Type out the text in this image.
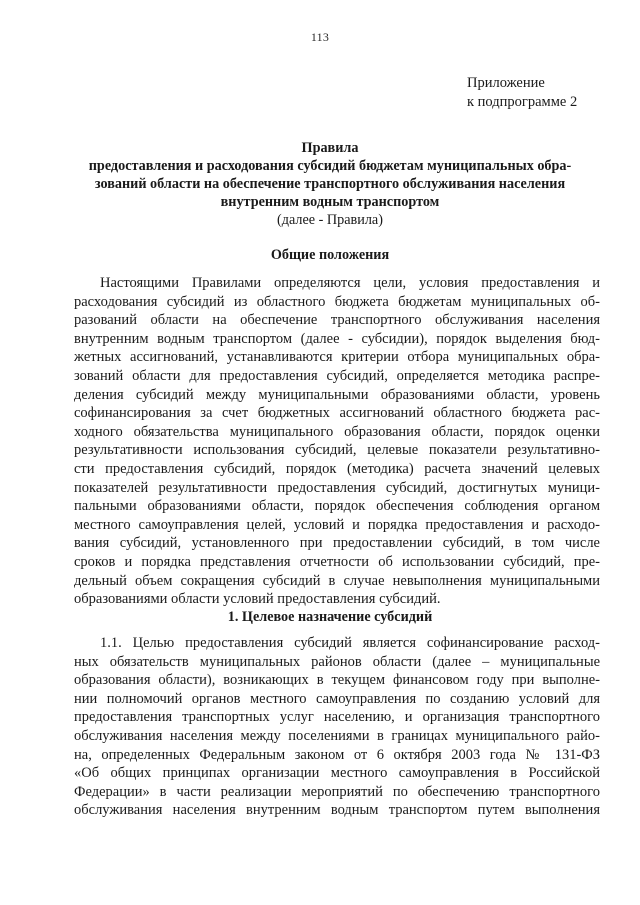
113
Приложение
к подпрограмме 2
Правила
предоставления и расходования субсидий бюджетам муниципальных обра-
зований области на обеспечение транспортного обслуживания населения
внутренним водным транспортом
(далее - Правила)
Общие положения
Настоящими Правилами определяются цели, условия предоставления и
расходования субсидий из областного бюджета бюджетам муниципальных об-
разований области на обеспечение транспортного обслуживания населения
внутренним водным транспортом (далее - субсидии), порядок выделения бюд-
жетных ассигнований, устанавливаются критерии отбора муниципальных обра-
зований области для предоставления субсидий, определяется методика распре-
деления субсидий между муниципальными образованиями области, уровень
софинансирования за счет бюджетных ассигнований областного бюджета рас-
ходного обязательства муниципального образования области, порядок оценки
результативности использования субсидий, целевые показатели результативно-
сти предоставления субсидий, порядок (методика) расчета значений целевых
показателей результативности предоставления субсидий, достигнутых муници-
пальными образованиями области, порядок обеспечения соблюдения органом
местного самоуправления целей, условий и порядка предоставления и расходо-
вания субсидий, установленного при предоставлении субсидий, в том числе
сроков и порядка представления отчетности об использовании субсидий, пре-
дельный объем сокращения субсидий в случае невыполнения муниципальными
образованиями области условий предоставления субсидий.
1. Целевое назначение субсидий
1.1. Целью предоставления субсидий является софинансирование расход-
ных обязательств муниципальных районов области (далее – муниципальные
образования области), возникающих в текущем финансовом году при выполне-
нии полномочий органов местного самоуправления по созданию условий для
предоставления транспортных услуг населению, и организация транспортного
обслуживания населения между поселениями в границах муниципального райо-
на, определенных Федеральным законом от 6 октября 2003 года № 131-ФЗ
«Об общих принципах организации местного самоуправления в Российской
Федерации» в части реализации мероприятий по обеспечению транспортного
обслуживания населения внутренним водным транспортом путем выполнения
